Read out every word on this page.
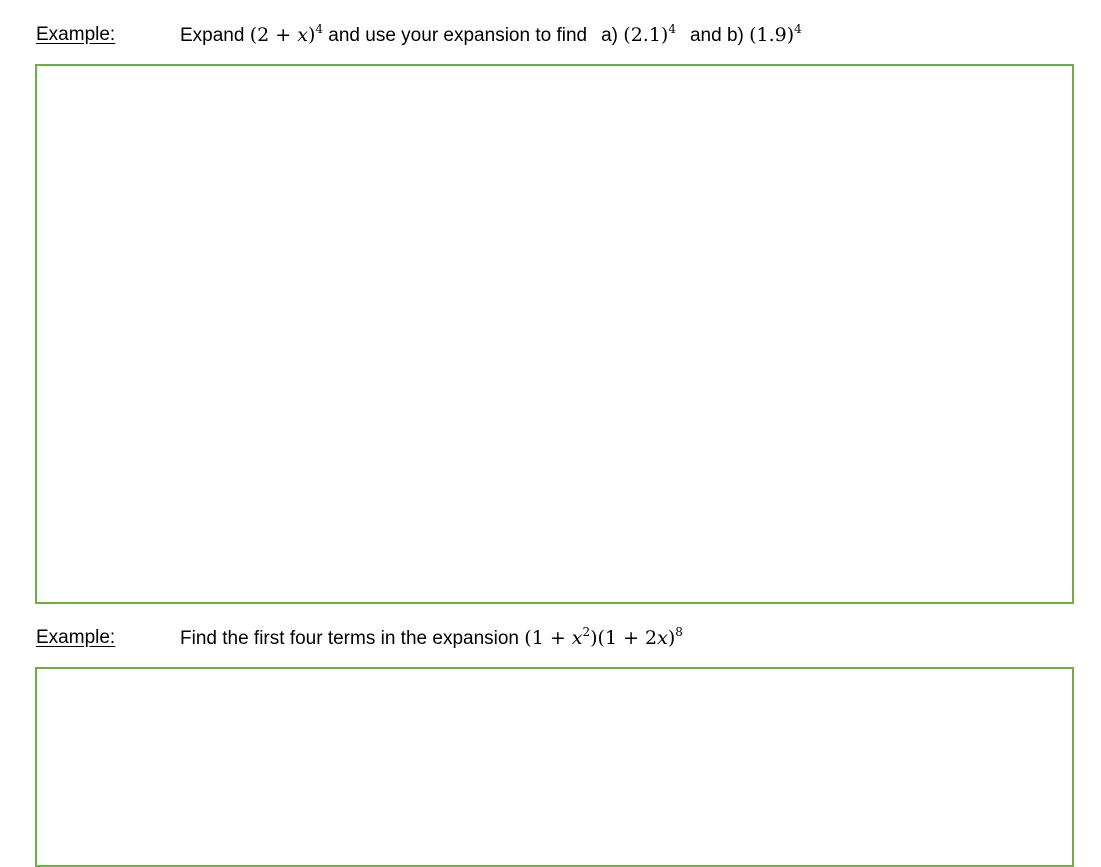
Example:	Expand $(2 + x)^4$ and use your expansion to find a) $(2.1)^4$ and b) $(1.9)^4$
Example:	Find the first four terms in the expansion $(1 + x^2)(1 + 2x)^8$
